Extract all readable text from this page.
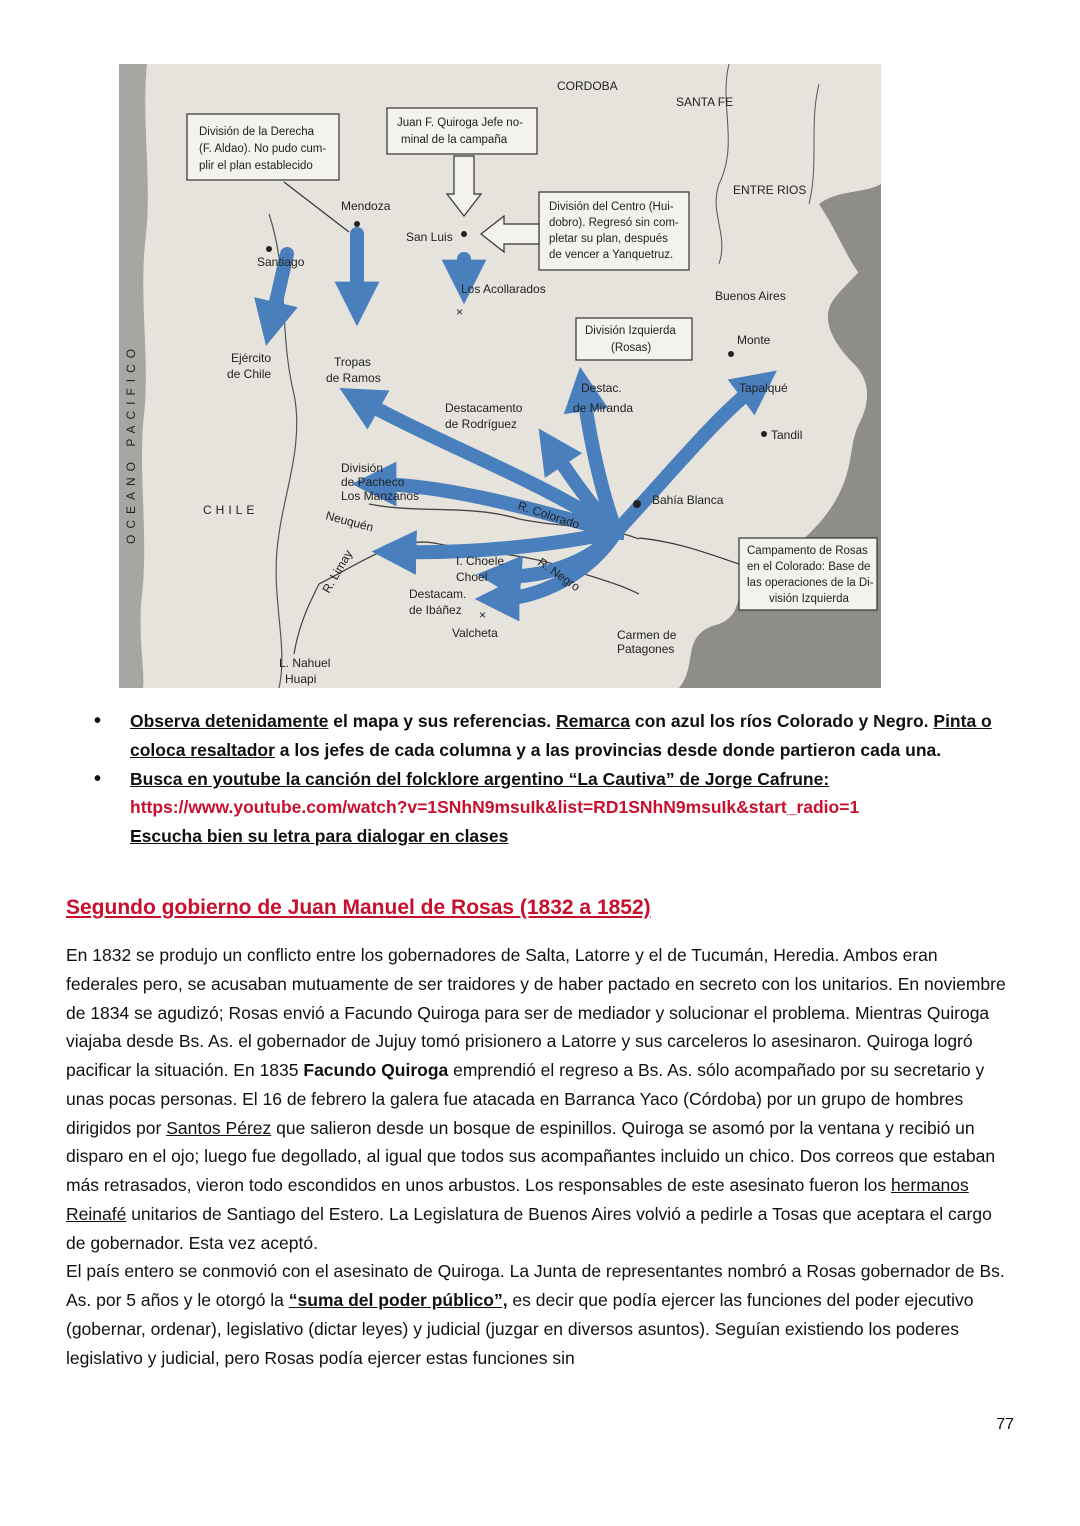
CORDOBA
SANTA FE
ENTRE RIOS
Buenos Aires
Monte
Tapalqué
Tandil
Bahía Blanca
Mendoza
San Luis
Santiago
Los Acollarados
×
CHILE
OCEANO PACIFICO	R. Colorado
R. Negro
Neuquén
R. Limay	I. Choele
Choel
×
Valcheta	Carmen de
Patagones
L. Nahuel
Huapi
Ejército
de Chile
Tropas
de Ramos
Destacamento
de Rodríguez
Destac.
de Miranda
División
de Pacheco
Los Manzanos
Destacam.
de Ibáñez
División de la Derecha
(F. Aldao). No pudo cum-
plir el plan establecido
Juan F. Quiroga Jefe no-
minal de la campaña
División del Centro (Hui-
dobro). Regresó sin com-
pletar su plan, después
de vencer a Yanquetruz.
División Izquierda
(Rosas)
Campamento de Rosas
en el Colorado: Base de
las operaciones de la Di-
visión Izquierda
• Observa detenidamente el mapa y sus referencias. Remarca con azul los ríos Colorado y Negro. Pinta o coloca resaltador a los jefes de cada columna y a las provincias desde donde partieron cada una.
• Busca en youtube la canción del folcklore argentino “La Cautiva” de Jorge Cafrune:
https://www.youtube.com/watch?v=1SNhN9msuIk&list=RD1SNhN9msuIk&start_radio=1
Escucha bien su letra para dialogar en clases
Segundo gobierno de Juan Manuel de Rosas (1832 a 1852)

En 1832 se produjo un conflicto entre los gobernadores de Salta, Latorre y el de Tucumán, Heredia. Ambos eran federales pero, se acusaban mutuamente de ser traidores y de haber pactado en secreto con los unitarios. En noviembre de 1834 se agudizó; Rosas envió a Facundo Quiroga para ser de mediador y solucionar el problema. Mientras Quiroga viajaba desde Bs. As. el gobernador de Jujuy tomó prisionero a Latorre y sus carceleros lo asesinaron. Quiroga logró pacificar la situación. En 1835 Facundo Quiroga emprendió el regreso a Bs. As. sólo acompañado por su secretario y unas pocas personas. El 16 de febrero la galera fue atacada en Barranca Yaco (Córdoba) por un grupo de hombres dirigidos por Santos Pérez que salieron desde un bosque de espinillos. Quiroga se asomó por la ventana y recibió un disparo en el ojo; luego fue degollado, al igual que todos sus acompañantes incluido un chico. Dos correos que estaban más retrasados, vieron todo escondidos en unos arbustos. Los responsables de este asesinato fueron los hermanos Reinafé unitarios de Santiago del Estero. La Legislatura de Buenos Aires volvió a pedirle a Tosas que aceptara el cargo de gobernador. Esta vez aceptó.

El país entero se conmovió con el asesinato de Quiroga. La Junta de representantes nombró a Rosas gobernador de Bs. As. por 5 años y le otorgó la “suma del poder público”, es decir que podía ejercer las funciones del poder ejecutivo (gobernar, ordenar), legislativo (dictar leyes) y judicial (juzgar en diversos asuntos). Seguían existiendo los poderes legislativo y judicial, pero Rosas podía ejercer estas funciones sin

77
